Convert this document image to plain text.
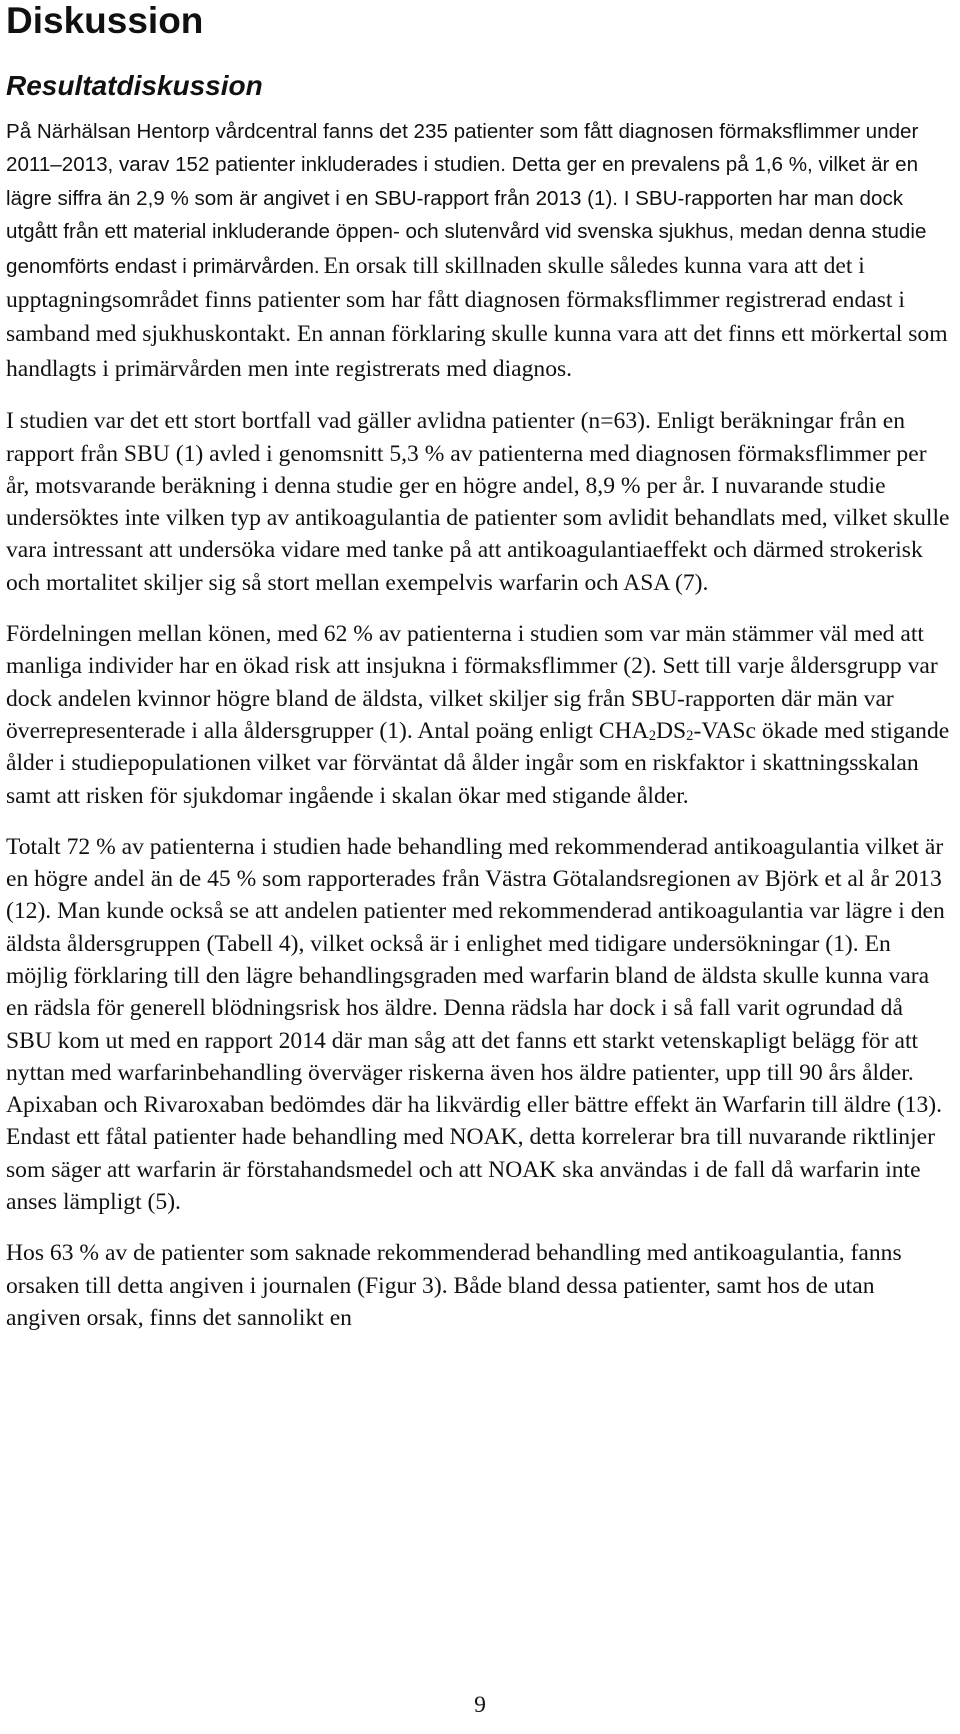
Diskussion
Resultatdiskussion

På Närhälsan Hentorp vårdcentral fanns det 235 patienter som fått diagnosen förmaksflimmer under 2011–2013, varav 152 patienter inkluderades i studien. Detta ger en prevalens på 1,6 %, vilket är en lägre siffra än 2,9 % som är angivet i en SBU-rapport från 2013 (1). I SBU-rapporten har man dock utgått från ett material inkluderande öppen- och slutenvård vid svenska sjukhus, medan denna studie genomförts endast i primärvården. En orsak till skillnaden skulle således kunna vara att det i upptagningsområdet finns patienter som har fått diagnosen förmaksflimmer registrerad endast i samband med sjukhuskontakt. En annan förklaring skulle kunna vara att det finns ett mörkertal som handlagts i primärvården men inte registrerats med diagnos.

I studien var det ett stort bortfall vad gäller avlidna patienter (n=63). Enligt beräkningar från en rapport från SBU (1) avled i genomsnitt 5,3 % av patienterna med diagnosen förmaksflimmer per år, motsvarande beräkning i denna studie ger en högre andel, 8,9 % per år. I nuvarande studie undersöktes inte vilken typ av antikoagulantia de patienter som avlidit behandlats med, vilket skulle vara intressant att undersöka vidare med tanke på att antikoagulantiaeffekt och därmed strokerisk och mortalitet skiljer sig så stort mellan exempelvis warfarin och ASA (7).

Fördelningen mellan könen, med 62 % av patienterna i studien som var män stämmer väl med att manliga individer har en ökad risk att insjukna i förmaksflimmer (2). Sett till varje åldersgrupp var dock andelen kvinnor högre bland de äldsta, vilket skiljer sig från SBU-rapporten där män var överrepresenterade i alla åldersgrupper (1). Antal poäng enligt $CHA_2DS_2$-VASc ökade med stigande ålder i studiepopulationen vilket var förväntat då ålder ingår som en riskfaktor i skattningsskalan samt att risken för sjukdomar ingående i skalan ökar med stigande ålder.

Totalt 72 % av patienterna i studien hade behandling med rekommenderad antikoagulantia vilket är en högre andel än de 45 % som rapporterades från Västra Götalandsregionen av Björk et al år 2013 (12). Man kunde också se att andelen patienter med rekommenderad antikoagulantia var lägre i den äldsta åldersgruppen (Tabell 4), vilket också är i enlighet med tidigare undersökningar (1). En möjlig förklaring till den lägre behandlingsgraden med warfarin bland de äldsta skulle kunna vara en rädsla för generell blödningsrisk hos äldre. Denna rädsla har dock i så fall varit ogrundad då SBU kom ut med en rapport 2014 där man såg att det fanns ett starkt vetenskapligt belägg för att nyttan med warfarinbehandling överväger riskerna även hos äldre patienter, upp till 90 års ålder. Apixaban och Rivaroxaban bedömdes där ha likvärdig eller bättre effekt än Warfarin till äldre (13). Endast ett fåtal patienter hade behandling med NOAK, detta korrelerar bra till nuvarande riktlinjer som säger att warfarin är förstahandsmedel och att NOAK ska användas i de fall då warfarin inte anses lämpligt (5).

Hos 63 % av de patienter som saknade rekommenderad behandling med antikoagulantia, fanns orsaken till detta angiven i journalen (Figur 3). Både bland dessa patienter, samt hos de utan angiven orsak, finns det sannolikt en

9
